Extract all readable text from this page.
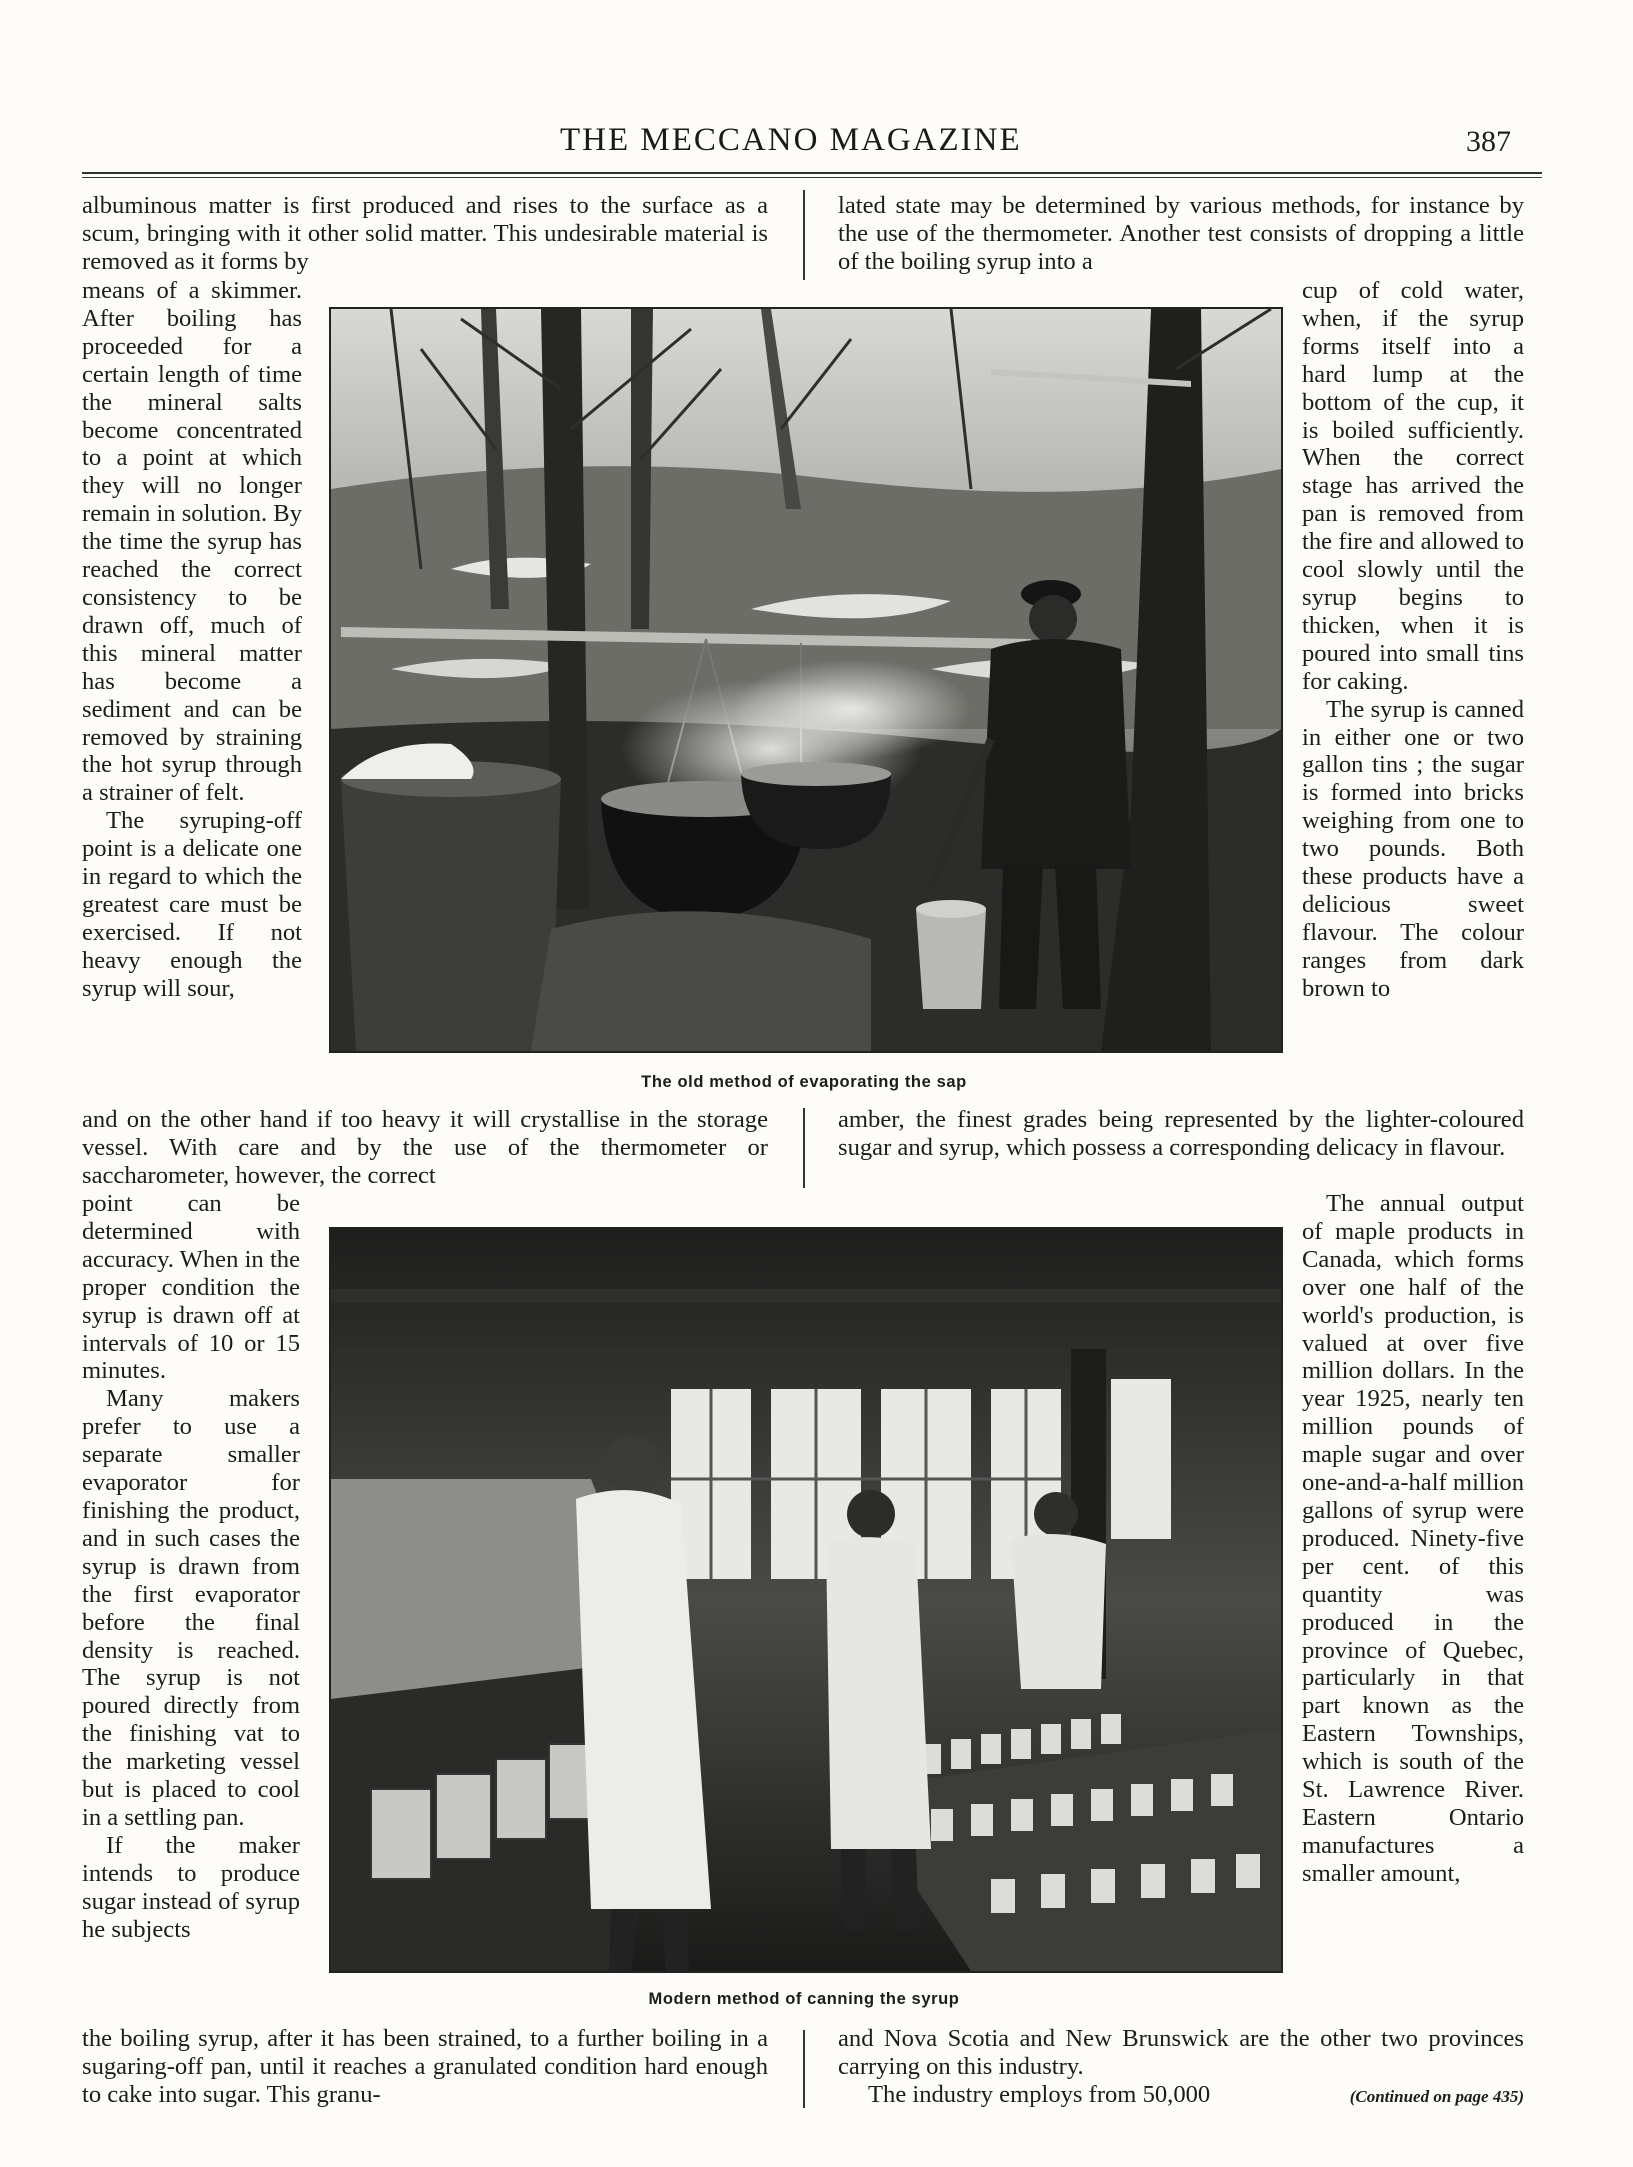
THE MECCANO MAGAZINE	387

albuminous matter is first produced and rises to the surface as a scum, bringing with it other solid matter. This undesirable material is removed as it forms by

lated state may be determined by various methods, for instance by the use of the thermometer. Another test consists of dropping a little of the boiling syrup into a

means of a skimmer. After boiling has proceeded for a certain length of time the mineral salts become concentrated to a point at which they will no longer remain in solution. By the time the syrup has reached the correct consistency to be drawn off, much of this mineral matter has become a sediment and can be removed by straining the hot syrup through a strainer of felt.

The syruping-off point is a delicate one in regard to which the greatest care must be exercised. If not heavy enough the syrup will sour,

The old method of evaporating the sap

cup of cold water, when, if the syrup forms itself into a hard lump at the bottom of the cup, it is boiled sufficiently. When the correct stage has arrived the pan is removed from the fire and allowed to cool slowly until the syrup begins to thicken, when it is poured into small tins for caking.

The syrup is canned in either one or two gallon tins ; the sugar is formed into bricks weighing from one to two pounds. Both these products have a delicious sweet flavour. The colour ranges from dark brown to

and on the other hand if too heavy it will crystallise in the storage vessel. With care and by the use of the thermometer or saccharometer, however, the correct

amber, the finest grades being represented by the lighter-coloured sugar and syrup, which possess a corresponding delicacy in flavour.

point can be determined with accuracy. When in the proper condition the syrup is drawn off at intervals of 10 or 15 minutes.

Many makers prefer to use a separate smaller evaporator for finishing the product, and in such cases the syrup is drawn from the first evaporator before the final density is reached. The syrup is not poured directly from the finishing vat to the marketing vessel but is placed to cool in a settling pan.

If the maker intends to produce sugar instead of syrup he subjects

Modern method of canning the syrup

The annual output of maple products in Canada, which forms over one half of the world's production, is valued at over five million dollars. In the year 1925, nearly ten million pounds of maple sugar and over one-and-a-half million gallons of syrup were produced. Ninety-five per cent. of this quantity was produced in the province of Quebec, particularly in that part known as the Eastern Townships, which is south of the St. Lawrence River. Eastern Ontario manufactures a smaller amount,

the boiling syrup, after it has been strained, to a further boiling in a sugaring-off pan, until it reaches a granulated condition hard enough to cake into sugar. This granu-

and Nova Scotia and New Brunswick are the other two provinces carrying on this industry.

The industry employs from 50,000	(Continued on page 435)
